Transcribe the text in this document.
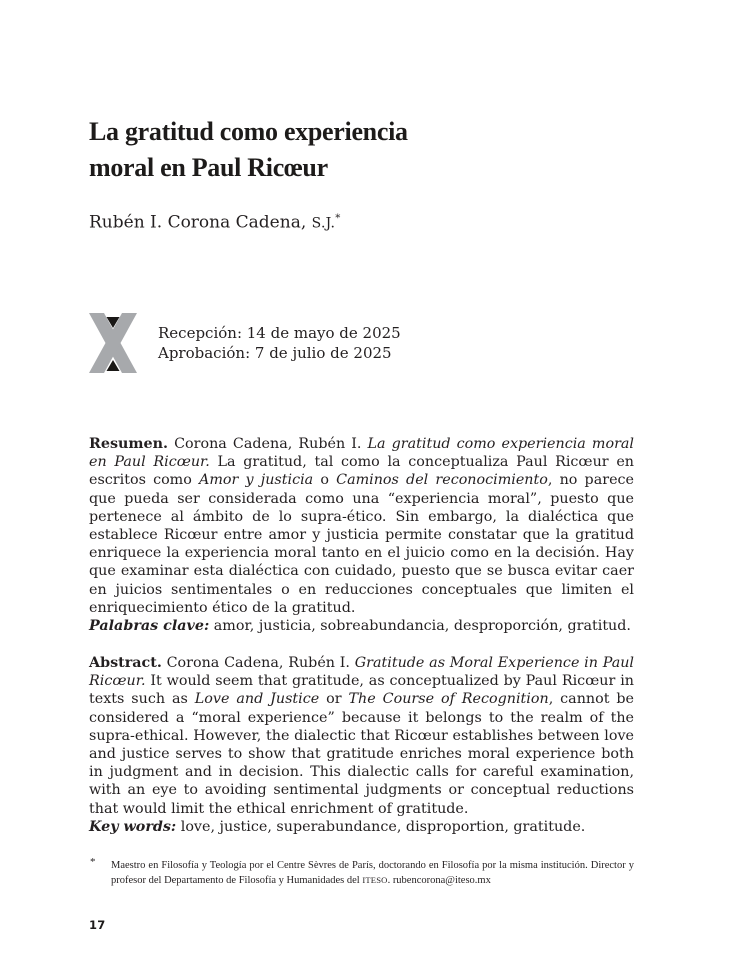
La gratitud como experiencia
moral en Paul Ricœur
Rubén I. Corona Cadena, S.J.*
Recepción: 14 de mayo de 2025
Aprobación: 7 de julio de 2025

Resumen. Corona Cadena, Rubén I. La gratitud como experiencia moral en Paul Ricœur. La gratitud, tal como la conceptualiza Paul Ricœur en escritos como Amor y justicia o Caminos del reconocimiento, no parece que pueda ser considerada como una “experiencia moral”, puesto que pertenece al ámbito de lo supra-ético. Sin embargo, la dialéctica que establece Ricœur entre amor y justicia permite constatar que la gratitud enriquece la experiencia moral tanto en el juicio como en la decisión. Hay que examinar esta dialéctica con cuidado, puesto que se busca evitar caer en juicios sentimentales o en reducciones conceptuales que limiten el enriquecimiento ético de la gratitud.

Palabras clave: amor, justicia, sobreabundancia, desproporción, gratitud.

Abstract. Corona Cadena, Rubén I. Gratitude as Moral Experience in Paul Ricœur. It would seem that gratitude, as conceptualized by Paul Ricœur in texts such as Love and Justice or The Course of Recognition, cannot be considered a “moral experience” because it belongs to the realm of the supra-ethical. However, the dialectic that Ricœur establishes between love and justice serves to show that gratitude enriches moral experience both in judgment and in decision. This dialectic calls for careful examination, with an eye to avoiding sentimental judgments or conceptual reductions that would limit the ethical enrichment of gratitude.

Key words: love, justice, superabundance, disproportion, gratitude.

* Maestro en Filosofía y Teología por el Centre Sèvres de París, doctorando en Filosofía por la misma institución. Director y profesor del Departamento de Filosofía y Humanidades del ITESO. rubencorona@iteso.mx
17
